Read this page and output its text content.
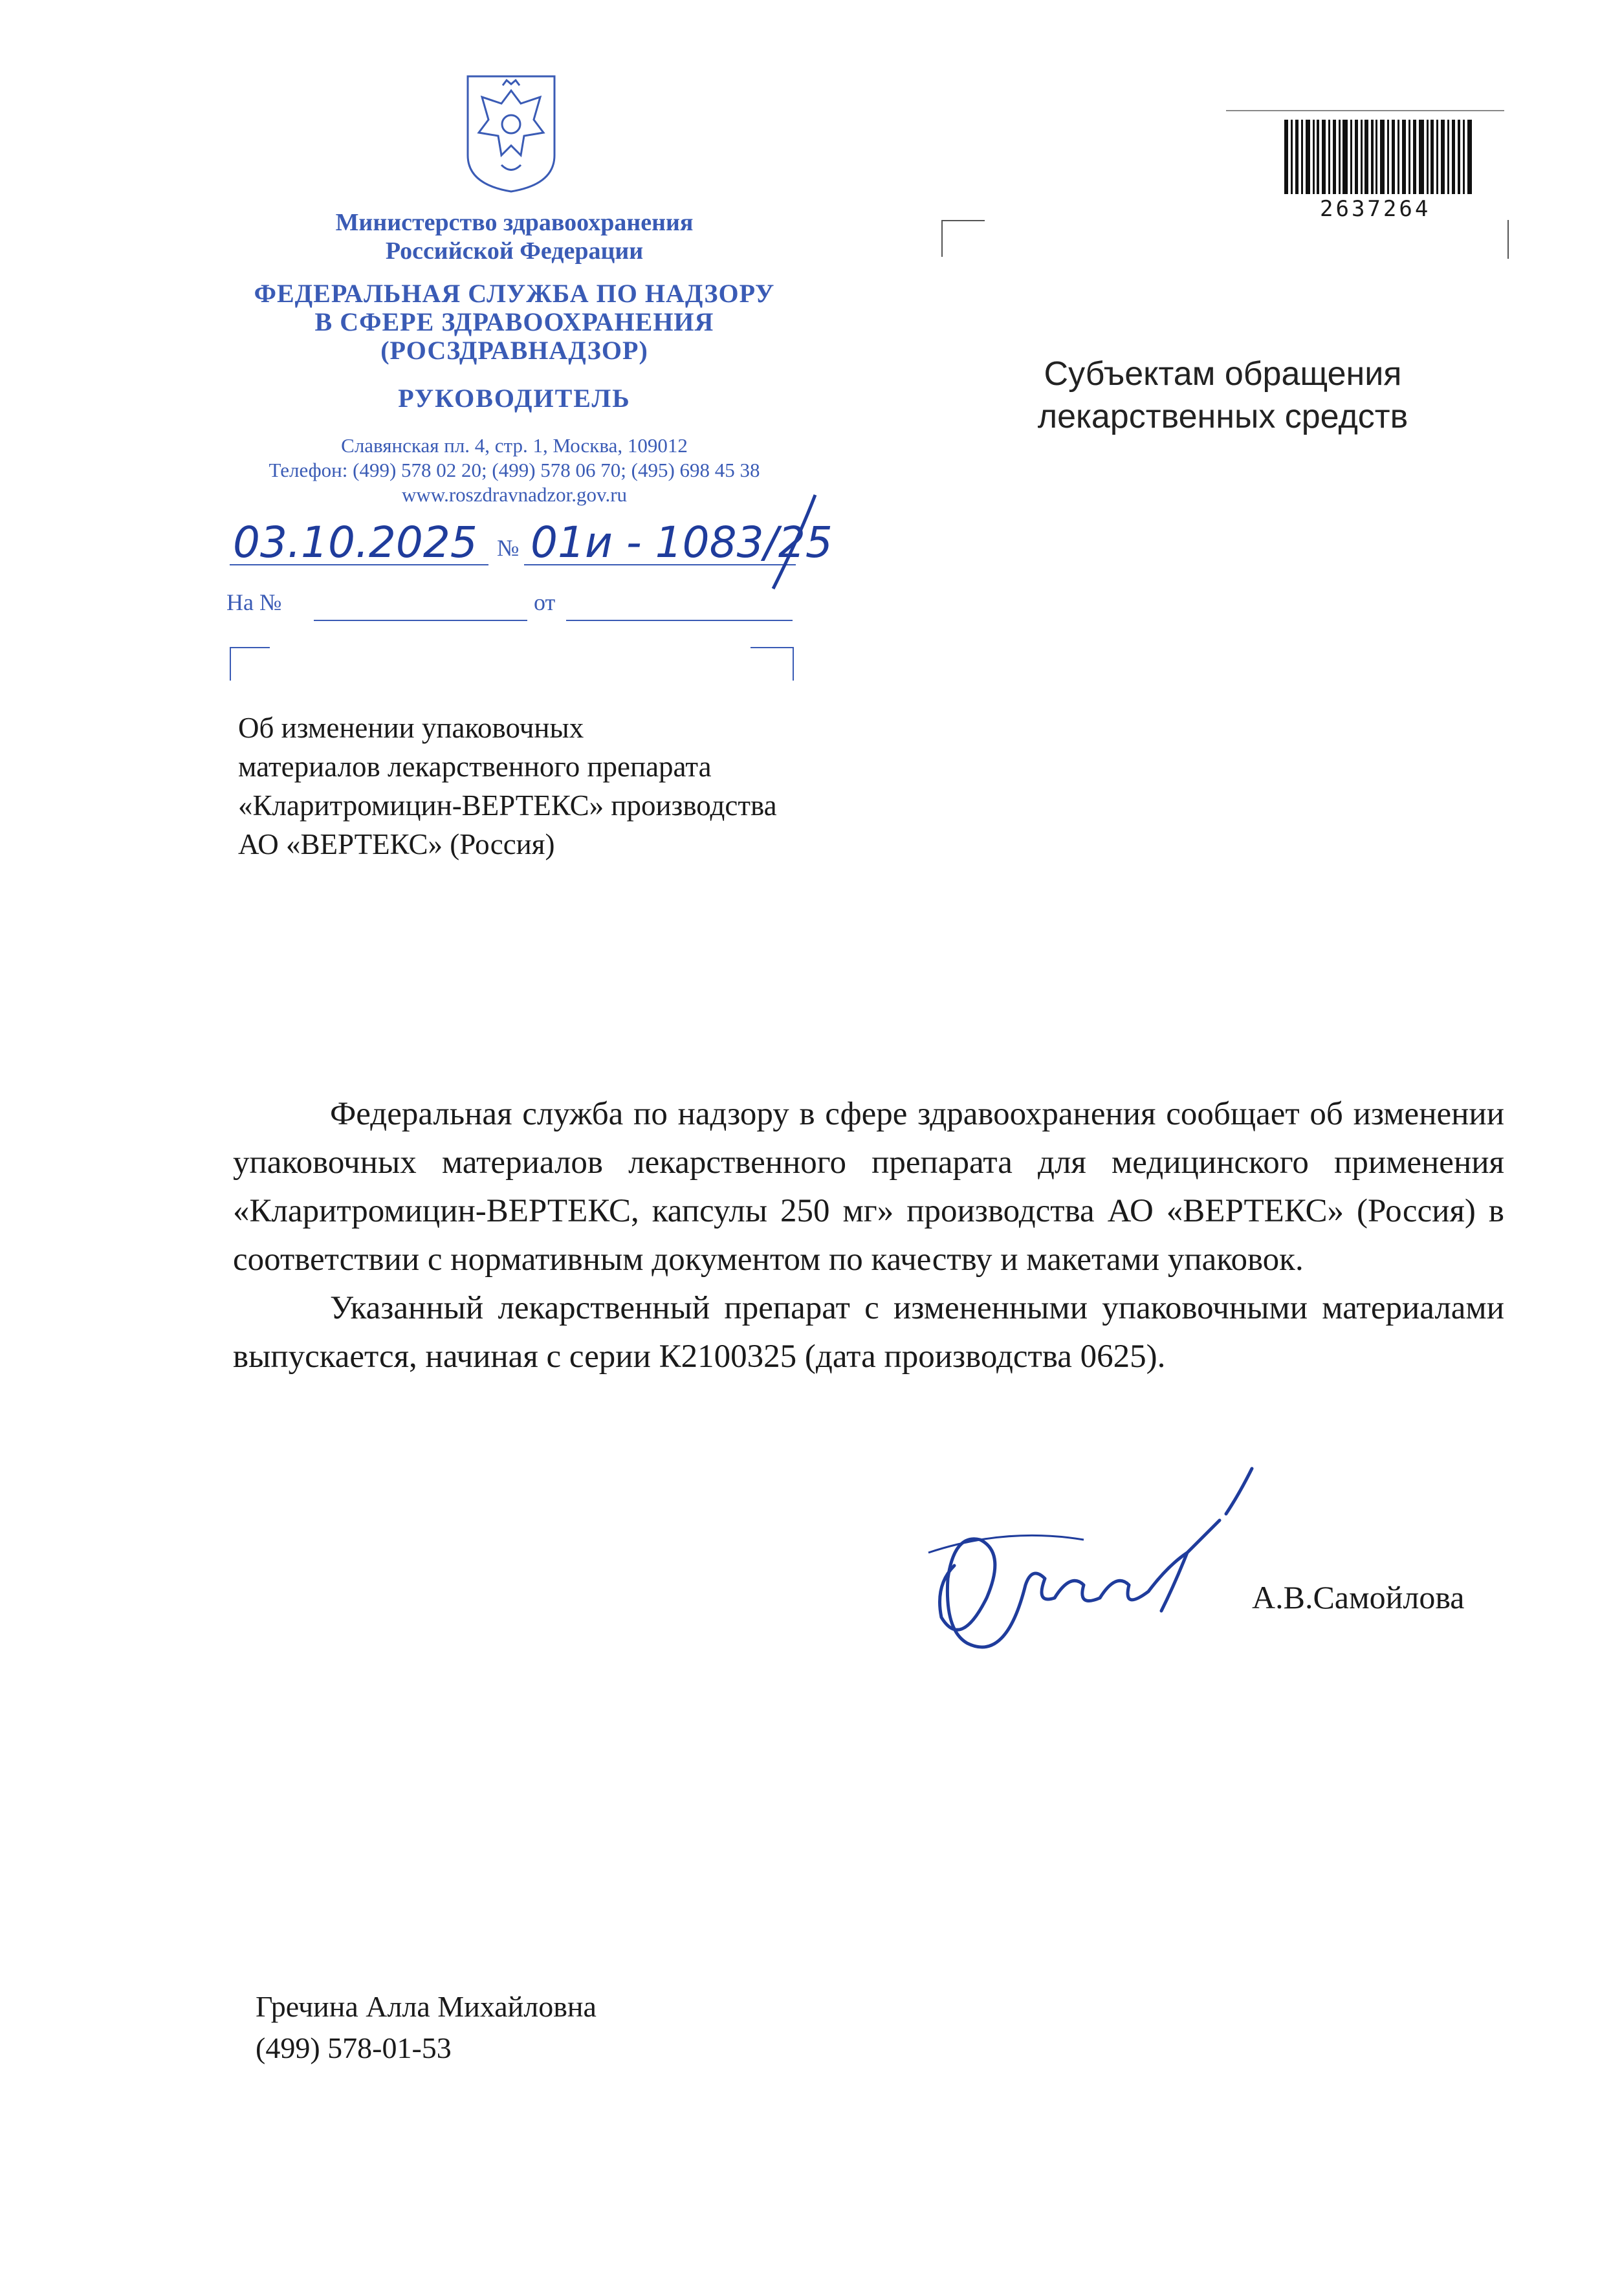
Министерство здравоохранения
Российской Федерации
ФЕДЕРАЛЬНАЯ СЛУЖБА ПО НАДЗОРУ
В СФЕРЕ ЗДРАВООХРАНЕНИЯ
(РОСЗДРАВНАДЗОР)
РУКОВОДИТЕЛЬ
Славянская пл. 4, стр. 1, Москва, 109012
Телефон: (499) 578 02 20; (499) 578 06 70; (495) 698 45 38
www.roszdravnadzor.gov.ru
03.10.2025 № 01и - 1083/25
На №	от
2637264
Субъектам обращения
лекарственных средств
Об изменении упаковочных
материалов лекарственного препарата
«Кларитромицин-ВЕРТЕКС» производства
АО «ВЕРТЕКС» (Россия)

Федеральная служба по надзору в сфере здравоохранения сообщает об изменении упаковочных материалов лекарственного препарата для медицинского применения «Кларитромицин-ВЕРТЕКС, капсулы 250 мг» производства АО «ВЕРТЕКС» (Россия) в соответствии с нормативным документом по качеству и макетами упаковок.

Указанный лекарственный препарат с измененными упаковочными материалами выпускается, начиная с серии К2100325 (дата производства 0625).

А.В.Самойлова
Гречина Алла Михайловна
(499) 578-01-53
